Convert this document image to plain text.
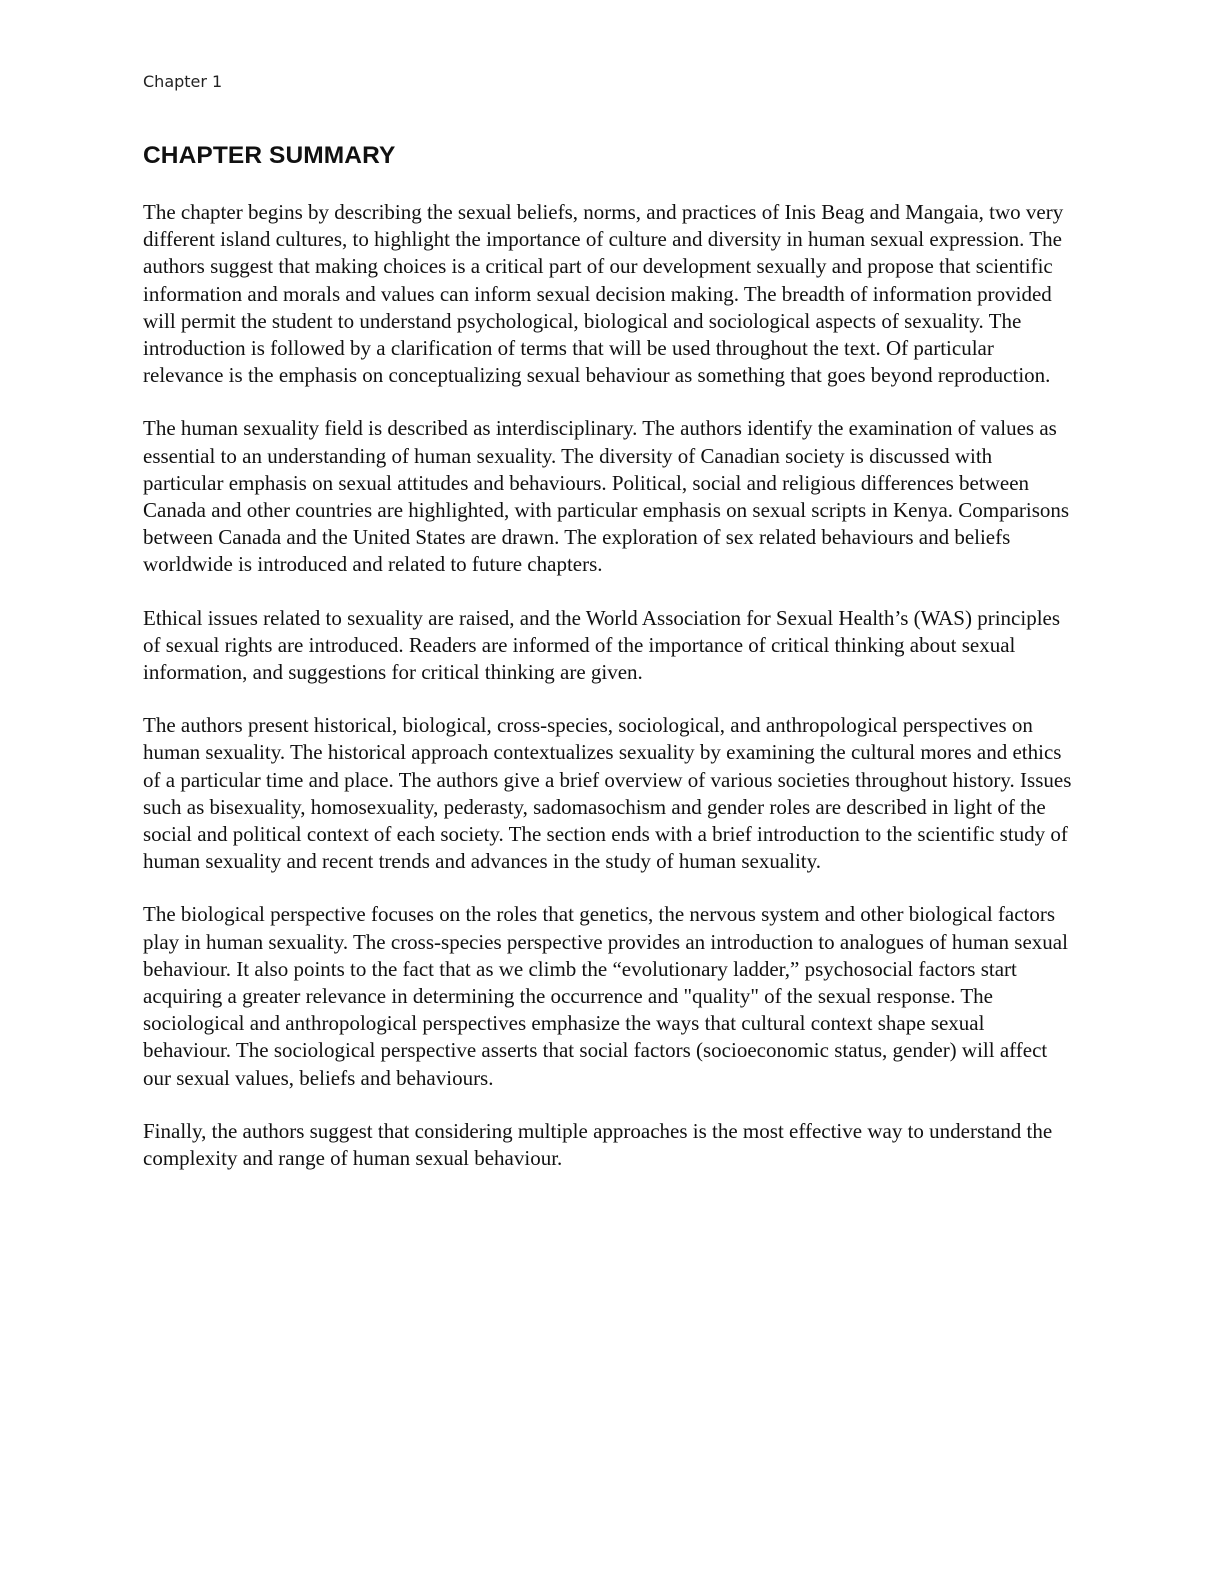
Chapter 1

CHAPTER SUMMARY

The chapter begins by describing the sexual beliefs, norms, and practices of Inis Beag and Mangaia, two very different island cultures, to highlight the importance of culture and diversity in human sexual expression. The authors suggest that making choices is a critical part of our development sexually and propose that scientific information and morals and values can inform sexual decision making. The breadth of information provided will permit the student to understand psychological, biological and sociological aspects of sexuality. The introduction is followed by a clarification of terms that will be used throughout the text. Of particular relevance is the emphasis on conceptualizing sexual behaviour as something that goes beyond reproduction.

The human sexuality field is described as interdisciplinary. The authors identify the examination of values as essential to an understanding of human sexuality. The diversity of Canadian society is discussed with particular emphasis on sexual attitudes and behaviours. Political, social and religious differences between Canada and other countries are highlighted, with particular emphasis on sexual scripts in Kenya. Comparisons between Canada and the United States are drawn. The exploration of sex related behaviours and beliefs worldwide is introduced and related to future chapters.

Ethical issues related to sexuality are raised, and the World Association for Sexual Health’s (WAS) principles of sexual rights are introduced. Readers are informed of the importance of critical thinking about sexual information, and suggestions for critical thinking are given.

The authors present historical, biological, cross-species, sociological, and anthropological perspectives on human sexuality. The historical approach contextualizes sexuality by examining the cultural mores and ethics of a particular time and place. The authors give a brief overview of various societies throughout history. Issues such as bisexuality, homosexuality, pederasty, sadomasochism and gender roles are described in light of the social and political context of each society. The section ends with a brief introduction to the scientific study of human sexuality and recent trends and advances in the study of human sexuality.

The biological perspective focuses on the roles that genetics, the nervous system and other biological factors play in human sexuality. The cross-species perspective provides an introduction to analogues of human sexual behaviour. It also points to the fact that as we climb the “evolutionary ladder,” psychosocial factors start acquiring a greater relevance in determining the occurrence and "quality" of the sexual response. The sociological and anthropological perspectives emphasize the ways that cultural context shape sexual behaviour. The sociological perspective asserts that social factors (socioeconomic status, gender) will affect our sexual values, beliefs and behaviours.

Finally, the authors suggest that considering multiple approaches is the most effective way to understand the complexity and range of human sexual behaviour.
